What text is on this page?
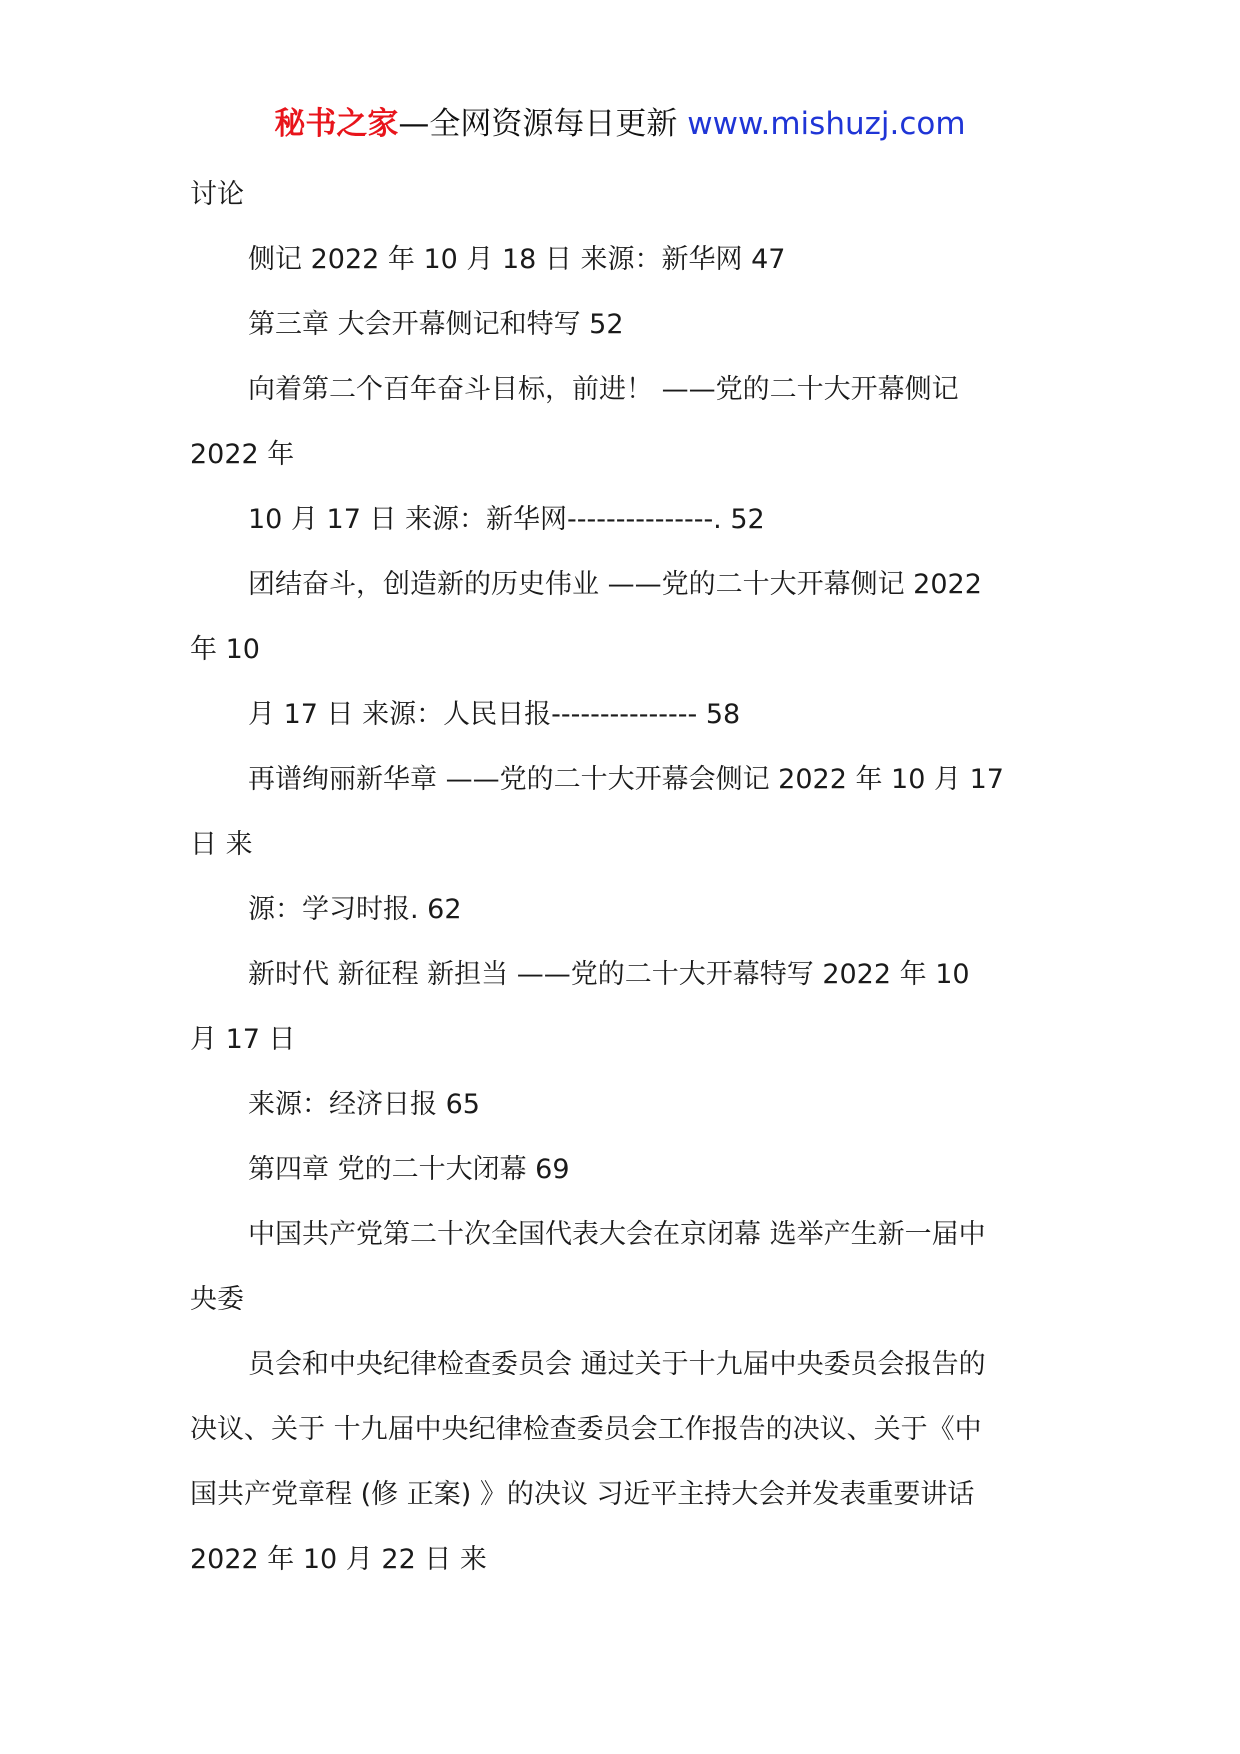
秘书之家—全网资源每日更新 www.mishuzj.com
讨论
侧记 2022 年 10 月 18 日 来源：新华网 47
第三章 大会开幕侧记和特写 52
向着第二个百年奋斗目标，前进！ ——党的二十大开幕侧记
2022 年
10 月 17 日 来源：新华网---------------. 52
团结奋斗，创造新的历史伟业 ——党的二十大开幕侧记 2022
年 10
月 17 日 来源：人民日报--------------- 58
再谱绚丽新华章 ——党的二十大开幕会侧记 2022 年 10 月 17
日 来
源：学习时报. 62
新时代 新征程 新担当 ——党的二十大开幕特写 2022 年 10
月 17 日
来源：经济日报 65
第四章 党的二十大闭幕 69
中国共产党第二十次全国代表大会在京闭幕 选举产生新一届中
央委
员会和中央纪律检查委员会 通过关于十九届中央委员会报告的
决议、关于 十九届中央纪律检查委员会工作报告的决议、关于《中
国共产党章程 (修 正案) 》的决议 习近平主持大会并发表重要讲话
2022 年 10 月 22 日 来
